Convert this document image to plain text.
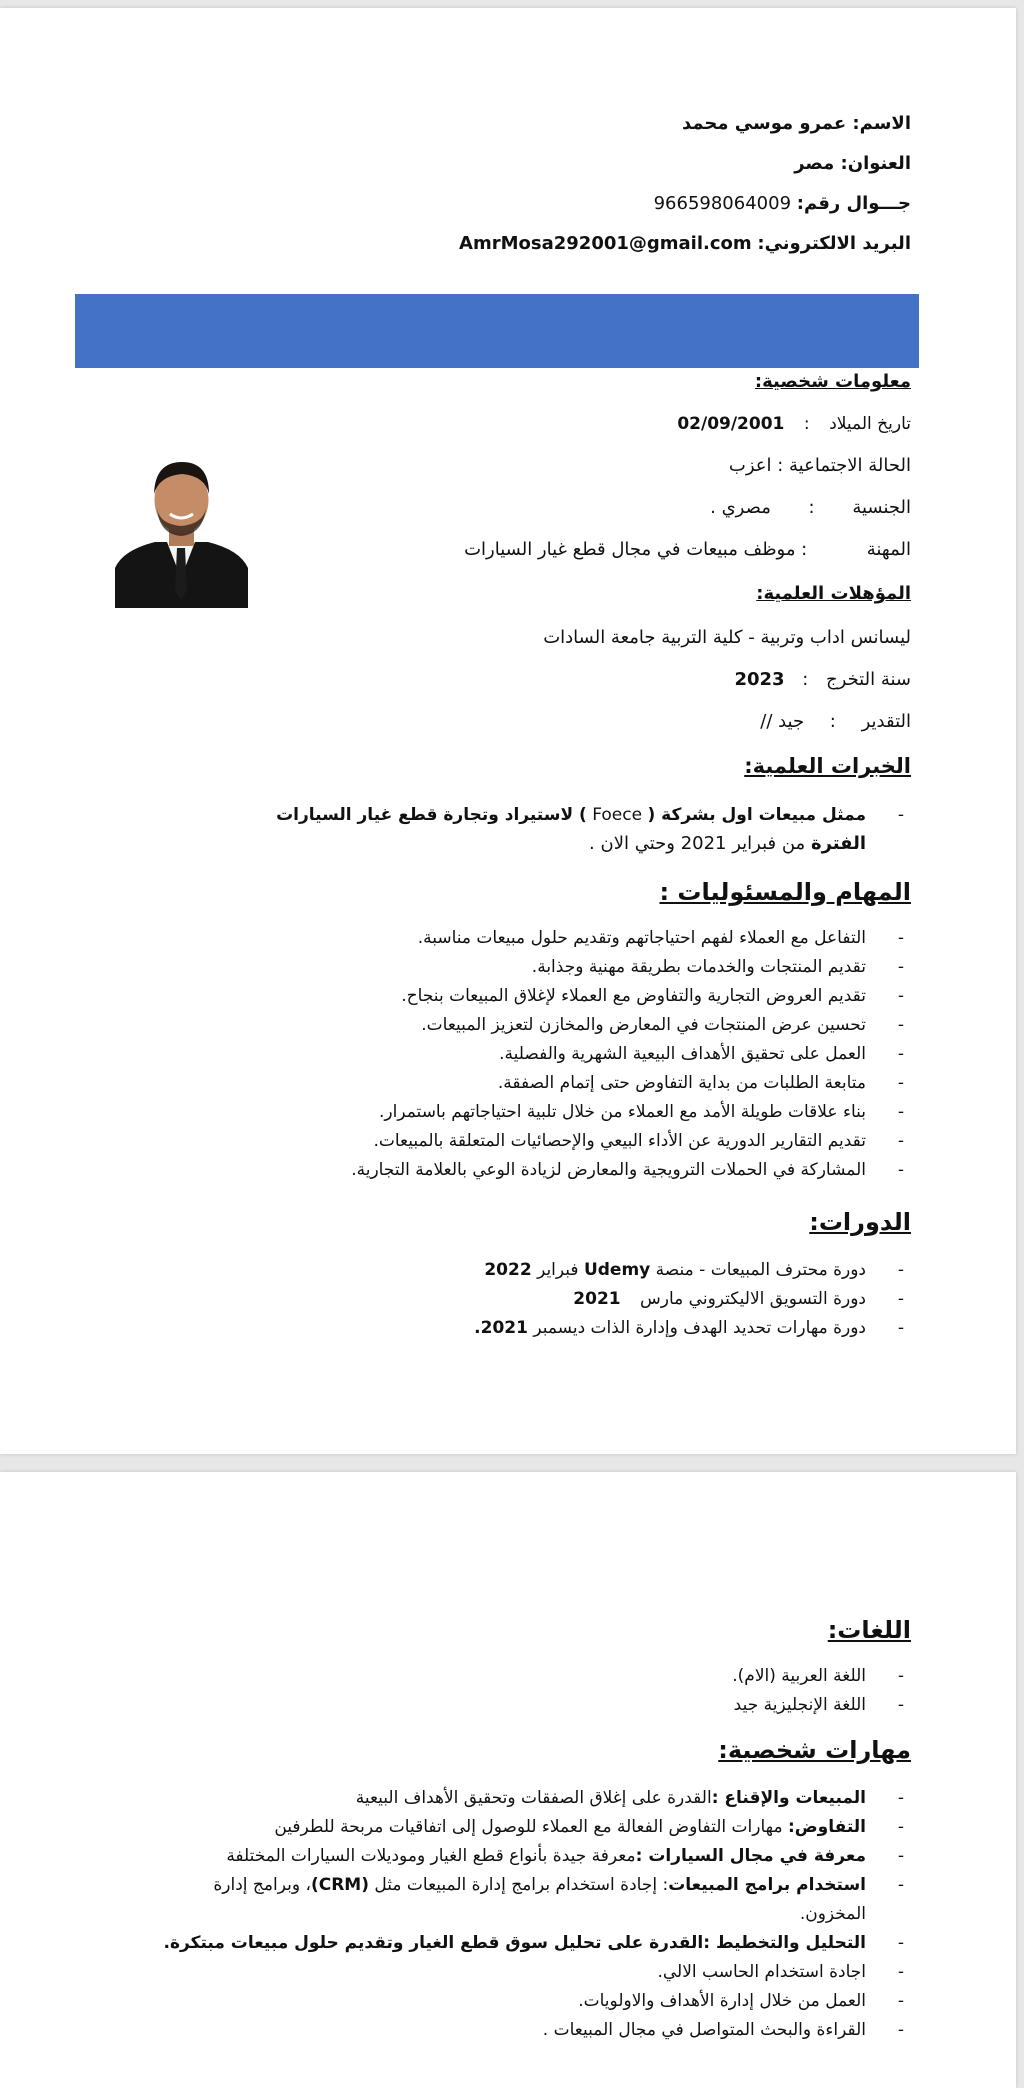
الاسم: عمرو موسي محمد
العنوان: مصر
جـــوال رقم: 966598064009
البريد الالكتروني: AmrMosa292001@gmail.com
معلومات شخصية:
تاريخ الميلاد : 02/09/2001
الحالة الاجتماعية : اعزب
الجنسية : مصري .
المهنة  : موظف مبيعات في مجال قطع غيار السيارات
المؤهلات العلمية:
ليسانس اداب وتربية - كلية التربية جامعة السادات
سنة التخرج : 2023
التقدير : جيد //
الخبرات العلمية:
- ممثل مبيعات اول بشركة ( Foece ) لاستيراد وتجارة قطع غيار السيارات
الفترة من فبراير 2021 وحتي الان .
المهام والمسئوليات :
- التفاعل مع العملاء لفهم احتياجاتهم وتقديم حلول مبيعات مناسبة.
- تقديم المنتجات والخدمات بطريقة مهنية وجذابة.
- تقديم العروض التجارية والتفاوض مع العملاء لإغلاق المبيعات بنجاح.
- تحسين عرض المنتجات في المعارض والمخازن لتعزيز المبيعات.
- العمل على تحقيق الأهداف البيعية الشهرية والفصلية.
- متابعة الطلبات من بداية التفاوض حتى إتمام الصفقة.
- بناء علاقات طويلة الأمد مع العملاء من خلال تلبية احتياجاتهم باستمرار.
- تقديم التقارير الدورية عن الأداء البيعي والإحصائيات المتعلقة بالمبيعات.
- المشاركة في الحملات الترويجية والمعارض لزيادة الوعي بالعلامة التجارية.
الدورات:
- دورة محترف المبيعات - منصة Udemy فبراير 2022
- دورة التسويق الاليكتروني مارس 2021
- دورة مهارات تحديد الهدف وإدارة الذات ديسمبر 2021.
اللغات:
- اللغة العربية (الام).
- اللغة الإنجليزية جيد
مهارات شخصية:
- المبيعات والإقناع :القدرة على إغلاق الصفقات وتحقيق الأهداف البيعية
- التفاوض: مهارات التفاوض الفعالة مع العملاء للوصول إلى اتفاقيات مربحة للطرفين
- معرفة في مجال السيارات :معرفة جيدة بأنواع قطع الغيار وموديلات السيارات المختلفة
- استخدام برامج المبيعات: إجادة استخدام برامج إدارة المبيعات مثل (CRM)، وبرامج إدارة
المخزون.
- التحليل والتخطيط :القدرة على تحليل سوق قطع الغيار وتقديم حلول مبيعات مبتكرة.
- اجادة استخدام الحاسب الالي.
- العمل من خلال إدارة الأهداف والاولويات.
- القراءة والبحث المتواصل في مجال المبيعات .
